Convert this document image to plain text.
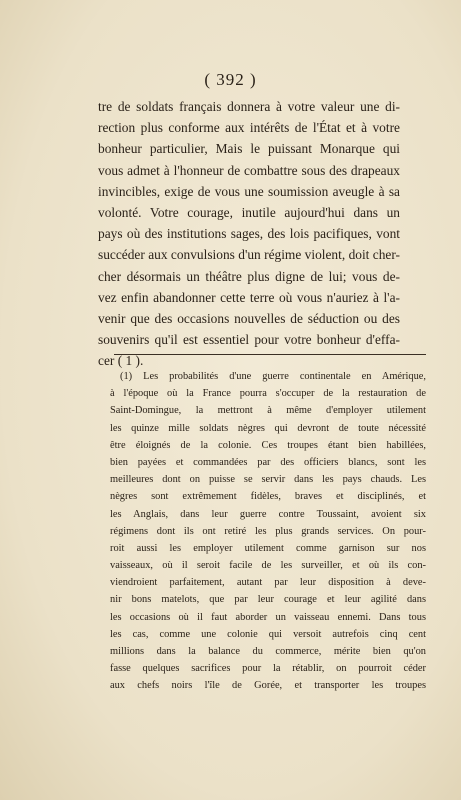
( 392 )
tre de soldats français donnera à votre valeur une di-
rection plus conforme aux intérêts de l'État et à votre
bonheur particulier, Mais le puissant Monarque qui
vous admet à l'honneur de combattre sous des drapeaux
invincibles, exige de vous une soumission aveugle à sa
volonté. Votre courage, inutile aujourd'hui dans un
pays où des institutions sages, des lois pacifiques, vont
succéder aux convulsions d'un régime violent, doit cher-
cher désormais un théâtre plus digne de lui; vous de-
vez enfin abandonner cette terre où vous n'auriez à l'a-
venir que des occasions nouvelles de séduction ou des
souvenirs qu'il est essentiel pour votre bonheur d'effa-
cer ( 1 ).
(1) Les probabilités d'une guerre continentale en Amérique,
à l'époque où la France pourra s'occuper de la restauration de
Saint-Domingue, la mettront à même d'employer utilement
les quinze mille soldats nègres qui devront de toute nécessité
être éloignés de la colonie. Ces troupes étant bien habillées,
bien payées et commandées par des officiers blancs, sont les
meilleures dont on puisse se servir dans les pays chauds. Les
nègres sont extrêmement fidèles, braves et disciplinés, et
les Anglais, dans leur guerre contre Toussaint, avoient six
régimens dont ils ont retiré les plus grands services. On pour-
roit aussi les employer utilement comme garnison sur nos
vaisseaux, où il seroit facile de les surveiller, et où ils con-
viendroient parfaitement, autant par leur disposition à deve-
nir bons matelots, que par leur courage et leur agilité dans
les occasions où il faut aborder un vaisseau ennemi. Dans tous
les cas, comme une colonie qui versoit autrefois cinq cent
millions dans la balance du commerce, mérite bien qu'on
fasse quelques sacrifices pour la rétablir, on pourroit céder
aux chefs noirs l'île de Gorée, et transporter les troupes
